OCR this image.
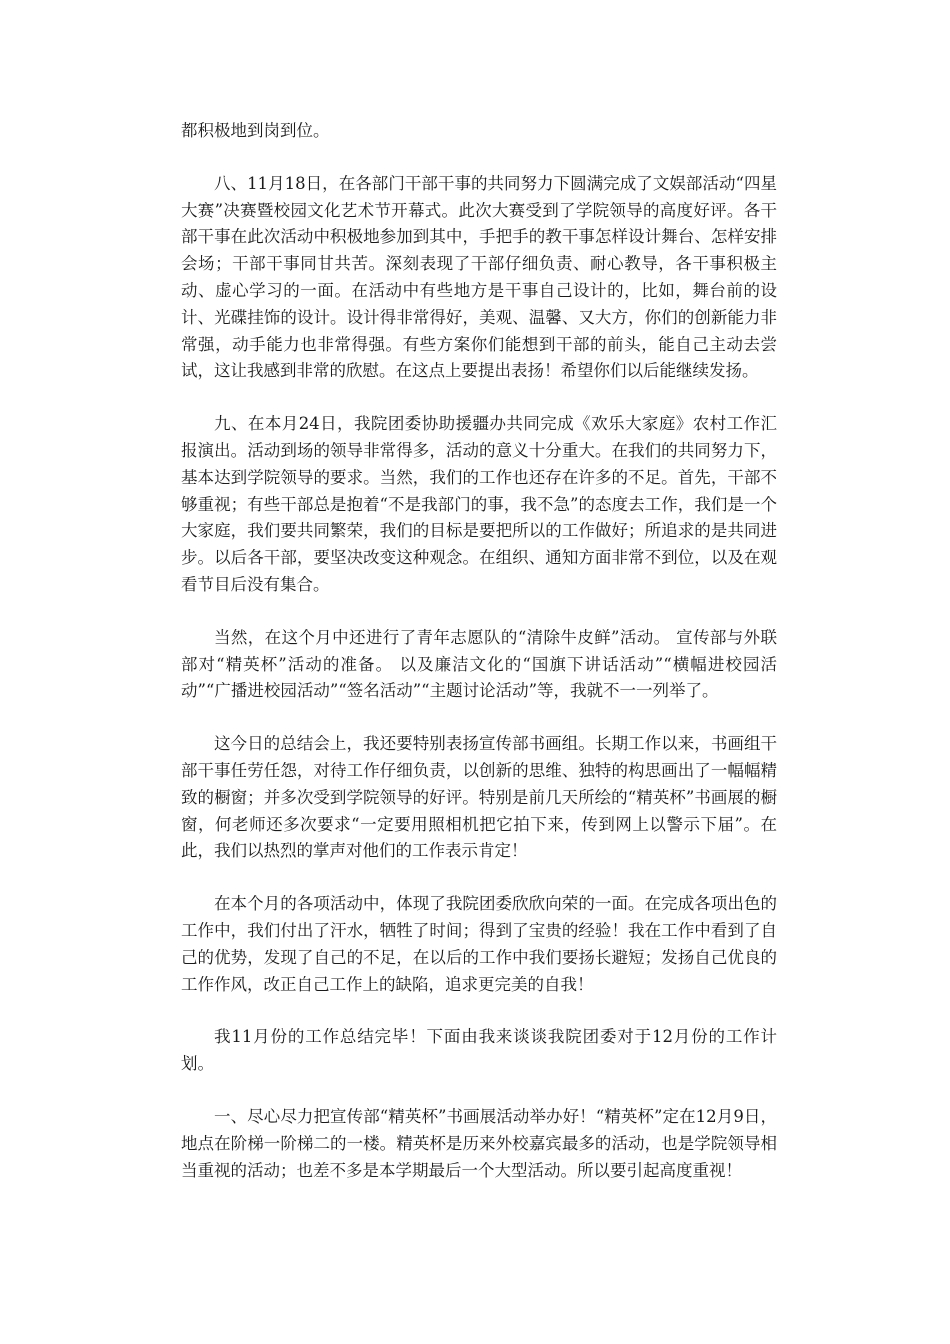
都积极地到岗到位。

八、11月18日，在各部门干部干事的共同努力下圆满完成了文娱部活动“四星大赛”决赛暨校园文化艺术节开幕式。此次大赛受到了学院领导的高度好评。各干部干事在此次活动中积极地参加到其中，手把手的教干事怎样设计舞台、怎样安排会场；干部干事同甘共苦。深刻表现了干部仔细负责、耐心教导，各干事积极主动、虚心学习的一面。在活动中有些地方是干事自己设计的，比如，舞台前的设计、光碟挂饰的设计。设计得非常得好，美观、温馨、又大方，你们的创新能力非常强，动手能力也非常得强。有些方案你们能想到干部的前头，能自己主动去尝试，这让我感到非常的欣慰。在这点上要提出表扬！希望你们以后能继续发扬。

九、在本月24日，我院团委协助援疆办共同完成《欢乐大家庭》农村工作汇报演出。活动到场的领导非常得多，活动的意义十分重大。在我们的共同努力下，基本达到学院领导的要求。当然，我们的工作也还存在许多的不足。首先，干部不够重视；有些干部总是抱着“不是我部门的事，我不急”的态度去工作，我们是一个大家庭，我们要共同繁荣，我们的目标是要把所以的工作做好；所追求的是共同进步。以后各干部，要坚决改变这种观念。在组织、通知方面非常不到位，以及在观看节目后没有集合。

当然，在这个月中还进行了青年志愿队的“清除牛皮鲜”活动。 宣传部与外联部对“精英杯”活动的准备。 以及廉洁文化的“国旗下讲话活动”“横幅进校园活动”“广播进校园活动”“签名活动”“主题讨论活动”等，我就不一一列举了。

这今日的总结会上，我还要特别表扬宣传部书画组。长期工作以来，书画组干部干事任劳任怨，对待工作仔细负责，以创新的思维、独特的构思画出了一幅幅精致的橱窗；并多次受到学院领导的好评。特别是前几天所绘的“精英杯”书画展的橱窗，何老师还多次要求“一定要用照相机把它拍下来，传到网上以警示下届”。在此，我们以热烈的掌声对他们的工作表示肯定！

在本个月的各项活动中，体现了我院团委欣欣向荣的一面。在完成各项出色的工作中，我们付出了汗水，牺牲了时间；得到了宝贵的经验！我在工作中看到了自己的优势，发现了自己的不足，在以后的工作中我们要扬长避短；发扬自己优良的工作作风，改正自己工作上的缺陷，追求更完美的自我！

我11月份的工作总结完毕！下面由我来谈谈我院团委对于12月份的工作计划。

一、尽心尽力把宣传部“精英杯”书画展活动举办好！“精英杯”定在12月9日，地点在阶梯一阶梯二的一楼。精英杯是历来外校嘉宾最多的活动，也是学院领导相当重视的活动；也差不多是本学期最后一个大型活动。所以要引起高度重视！
